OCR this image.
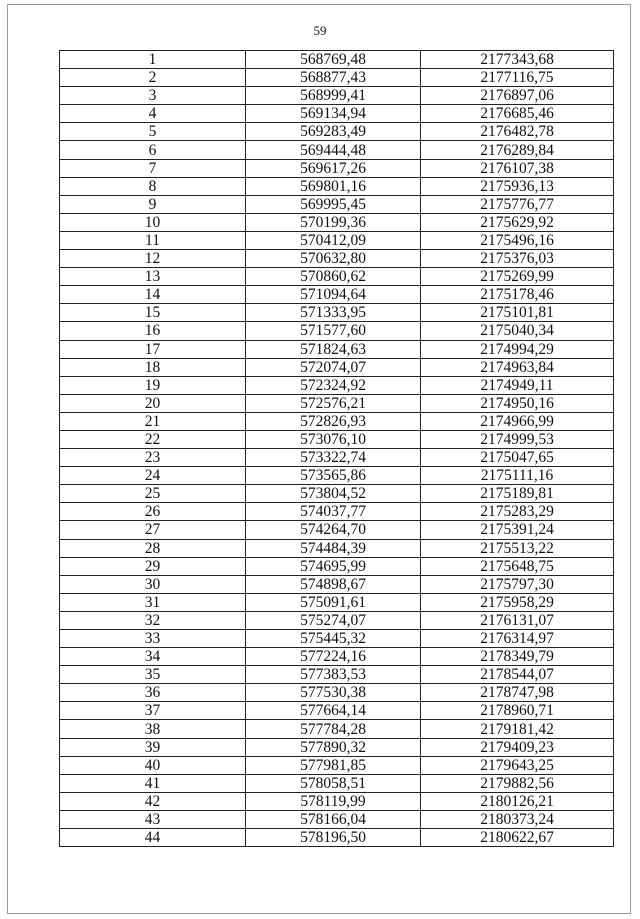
59
1	568769,48	2177343,68
2	568877,43	2177116,75
3	568999,41	2176897,06
4	569134,94	2176685,46
5	569283,49	2176482,78
6	569444,48	2176289,84
7	569617,26	2176107,38
8	569801,16	2175936,13
9	569995,45	2175776,77
10	570199,36	2175629,92
11	570412,09	2175496,16
12	570632,80	2175376,03
13	570860,62	2175269,99
14	571094,64	2175178,46
15	571333,95	2175101,81
16	571577,60	2175040,34
17	571824,63	2174994,29
18	572074,07	2174963,84
19	572324,92	2174949,11
20	572576,21	2174950,16
21	572826,93	2174966,99
22	573076,10	2174999,53
23	573322,74	2175047,65
24	573565,86	2175111,16
25	573804,52	2175189,81
26	574037,77	2175283,29
27	574264,70	2175391,24
28	574484,39	2175513,22
29	574695,99	2175648,75
30	574898,67	2175797,30
31	575091,61	2175958,29
32	575274,07	2176131,07
33	575445,32	2176314,97
34	577224,16	2178349,79
35	577383,53	2178544,07
36	577530,38	2178747,98
37	577664,14	2178960,71
38	577784,28	2179181,42
39	577890,32	2179409,23
40	577981,85	2179643,25
41	578058,51	2179882,56
42	578119,99	2180126,21
43	578166,04	2180373,24
44	578196,50	2180622,67
